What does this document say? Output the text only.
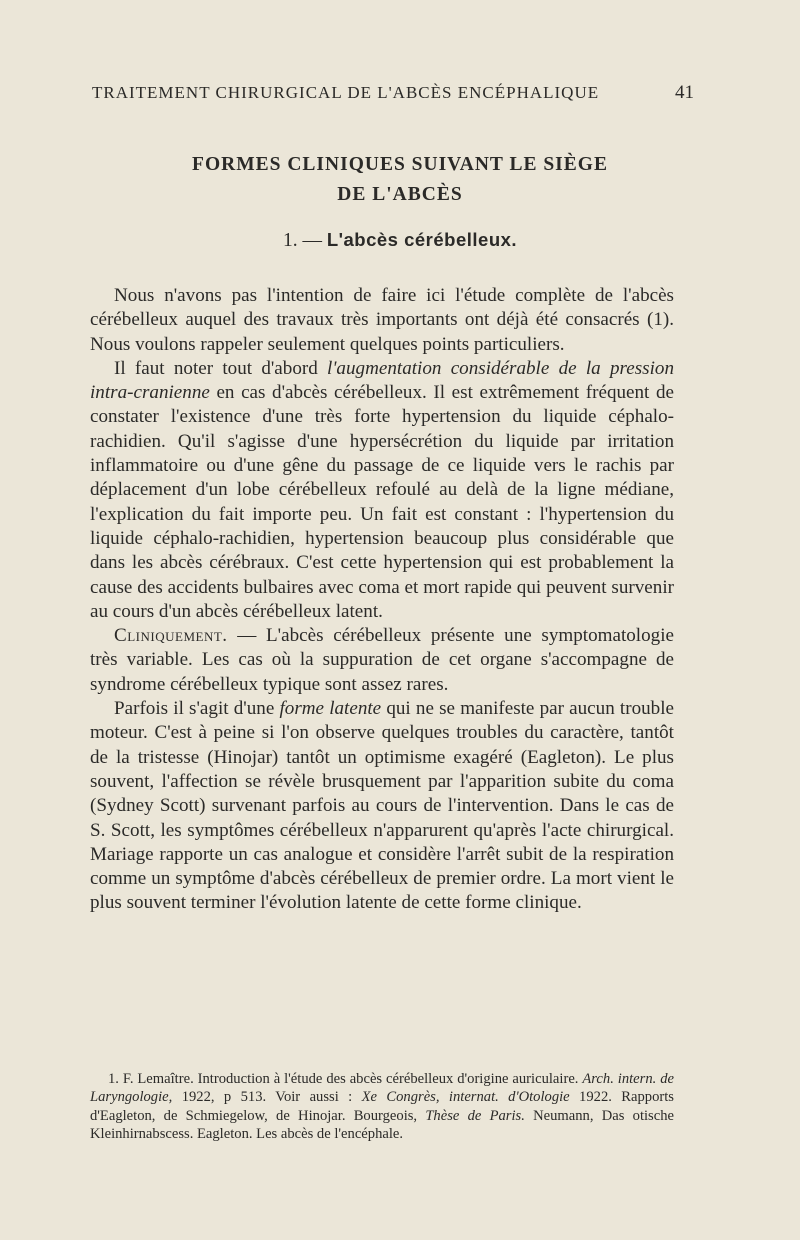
TRAITEMENT CHIRURGICAL DE L'ABCÈS ENCÉPHALIQUE	41
FORMES CLINIQUES SUIVANT LE SIÈGE
DE L'ABCÈS
1. — L'abcès cérébelleux.

Nous n'avons pas l'intention de faire ici l'étude complète de l'abcès cérébelleux auquel des travaux très importants ont déjà été consacrés (1). Nous voulons rappeler seulement quelques points particuliers.

Il faut noter tout d'abord l'augmentation considérable de la pression intra-cranienne en cas d'abcès cérébelleux. Il est extrêmement fréquent de constater l'existence d'une très forte hypertension du liquide céphalo-rachidien. Qu'il s'agisse d'une hypersécrétion du liquide par irritation inflammatoire ou d'une gêne du passage de ce liquide vers le rachis par déplacement d'un lobe cérébelleux refoulé au delà de la ligne médiane, l'explication du fait importe peu. Un fait est constant : l'hypertension du liquide céphalo-rachidien, hypertension beaucoup plus considérable que dans les abcès cérébraux. C'est cette hypertension qui est probablement la cause des accidents bulbaires avec coma et mort rapide qui peuvent survenir au cours d'un abcès cérébelleux latent.

Cliniquement. — L'abcès cérébelleux présente une symptomatologie très variable. Les cas où la suppuration de cet organe s'accompagne de syndrome cérébelleux typique sont assez rares.

Parfois il s'agit d'une forme latente qui ne se manifeste par aucun trouble moteur. C'est à peine si l'on observe quelques troubles du caractère, tantôt de la tristesse (Hinojar) tantôt un optimisme exagéré (Eagleton). Le plus souvent, l'affection se révèle brusquement par l'apparition subite du coma (Sydney Scott) survenant parfois au cours de l'intervention. Dans le cas de S. Scott, les symptômes cérébelleux n'apparurent qu'après l'acte chirurgical. Mariage rapporte un cas analogue et considère l'arrêt subit de la respiration comme un symptôme d'abcès cérébelleux de premier ordre. La mort vient le plus souvent terminer l'évolution latente de cette forme clinique.

1. F. Lemaître. Introduction à l'étude des abcès cérébelleux d'origine auriculaire. Arch. intern. de Laryngologie, 1922, p 513. Voir aussi : Xe Congrès, internat. d'Otologie 1922. Rapports d'Eagleton, de Schmiegelow, de Hinojar. Bourgeois, Thèse de Paris. Neumann, Das otische Kleinhirnabscess. Eagleton. Les abcès de l'encéphale.
